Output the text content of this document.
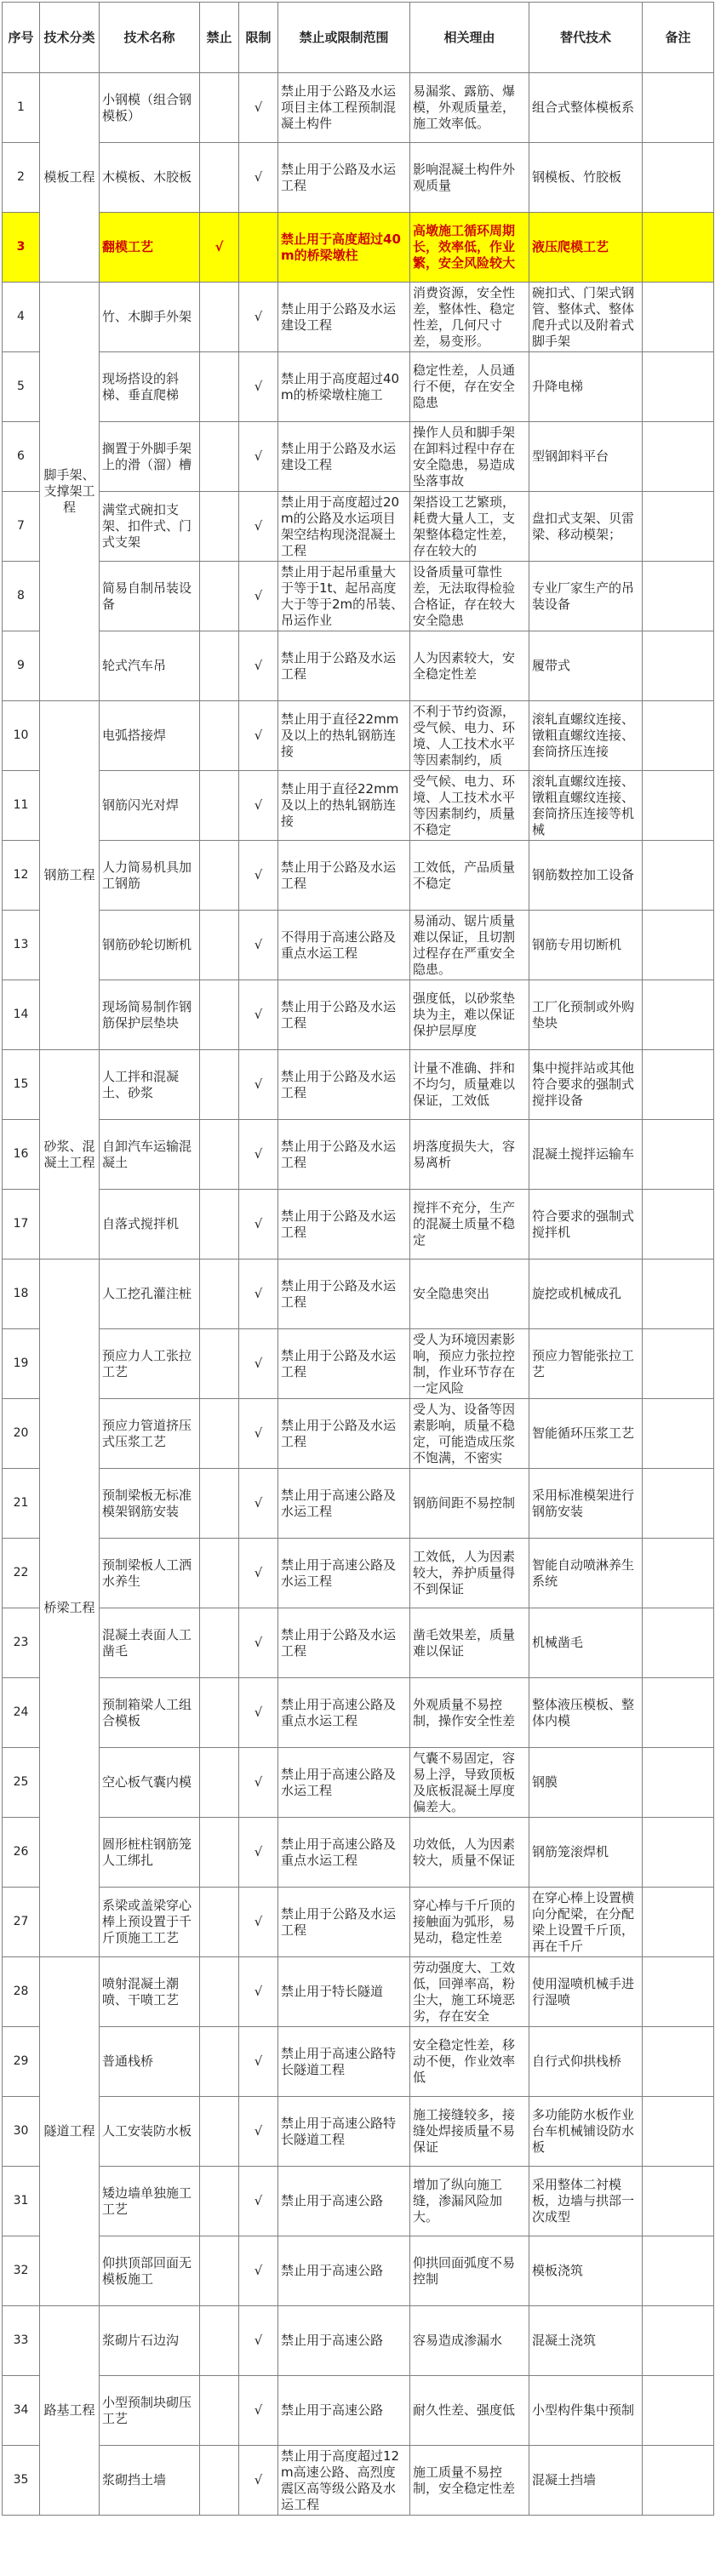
序号	技术分类	技术名称	禁止	限制	禁止或限制范围	相关理由	替代技术	备注
1	模板工程	小钢模（组合钢模板）		√	禁止用于公路及水运项目主体工程预制混凝土构件	易漏浆、露筋、爆模，外观质量差，施工效率低。	组合式整体模板系	
2		木模板、木胶板		√	禁止用于公路及水运工程	影响混凝土构件外观质量	钢模板、竹胶板	
3		翻模工艺	√		禁止用于高度超过40m的桥梁墩柱	高墩施工循环周期长，效率低，作业繁，安全风险较大	液压爬模工艺	
4	脚手架、支撑架工程	竹、木脚手外架		√	禁止用于公路及水运建设工程	消费资源，安全性差，整体性、稳定性差，几何尺寸差，易变形。	碗扣式、门架式钢管、整体式、整体爬升式以及附着式脚手架	
5		现场搭设的斜梯、垂直爬梯		√	禁止用于高度超过40m的桥梁墩柱施工	稳定性差，人员通行不便，存在安全隐患	升降电梯	
6		搁置于外脚手架上的滑（溜）槽		√	禁止用于公路及水运建设工程	操作人员和脚手架在卸料过程中存在安全隐患，易造成坠落事故	型钢卸料平台	
7		满堂式碗扣支架、扣件式、门式支架		√	禁止用于高度超过20m的公路及水运项目架空结构现浇混凝土工程	架搭设工艺繁琐，耗费大量人工，支架整体稳定性差，存在较大的	盘扣式支架、贝雷梁、移动模架；	
8		简易自制吊装设备		√	禁止用于起吊重量大于等于1t、起吊高度大于等于2m的吊装、吊运作业	设备质量可靠性差，无法取得检验合格证，存在较大安全隐患	专业厂家生产的吊装设备	
9		轮式汽车吊		√	禁止用于公路及水运工程	人为因素较大，安全稳定性差	履带式	
10	钢筋工程	电弧搭接焊		√	禁止用于直径22mm及以上的热轧钢筋连接	不利于节约资源，受气候、电力、环境、人工技术水平等因素制约，质	滚轧直螺纹连接、镦粗直螺纹连接、套筒挤压连接	
11		钢筋闪光对焊		√	禁止用于直径22mm及以上的热轧钢筋连接	受气候、电力、环境、人工技术水平等因素制约，质量不稳定	滚轧直螺纹连接、镦粗直螺纹连接、套筒挤压连接等机械	
12		人力简易机具加工钢筋		√	禁止用于公路及水运工程	工效低，产品质量不稳定	钢筋数控加工设备	
13		钢筋砂轮切断机		√	不得用于高速公路及重点水运工程	易涌动、锯片质量难以保证，且切割过程存在严重安全隐患。	钢筋专用切断机	
14		现场简易制作钢筋保护层垫块		√	禁止用于公路及水运工程	强度低，以砂浆垫块为主，难以保证保护层厚度	工厂化预制或外购垫块	
15	砂浆、混凝土工程	人工拌和混凝土、砂浆		√	禁止用于公路及水运工程	计量不准确、拌和不均匀，质量难以保证，工效低	集中搅拌站或其他符合要求的强制式搅拌设备	
16		自卸汽车运输混凝土		√	禁止用于公路及水运工程	坍落度损失大，容易离析	混凝土搅拌运输车	
17		自落式搅拌机		√	禁止用于公路及水运工程	搅拌不充分，生产的混凝土质量不稳定	符合要求的强制式搅拌机	
18	桥梁工程	人工挖孔灌注桩		√	禁止用于公路及水运工程	安全隐患突出	旋挖或机械成孔	
19		预应力人工张拉工艺		√	禁止用于公路及水运工程	受人为环境因素影响，预应力张拉控制，作业环节存在一定风险	预应力智能张拉工艺	
20		预应力管道挤压式压浆工艺		√	禁止用于公路及水运工程	受人为、设备等因素影响，质量不稳定，可能造成压浆不饱满，不密实	智能循环压浆工艺	
21		预制梁板无标准模架钢筋安装		√	禁止用于高速公路及水运工程	钢筋间距不易控制	采用标准模架进行钢筋安装	
22		预制梁板人工洒水养生		√	禁止用于高速公路及水运工程	工效低，人为因素较大，养护质量得不到保证	智能自动喷淋养生系统	
23		混凝土表面人工凿毛		√	禁止用于公路及水运工程	凿毛效果差，质量难以保证	机械凿毛	
24		预制箱梁人工组合模板		√	禁止用于高速公路及重点水运工程	外观质量不易控制，操作安全性差	整体液压模板、整体内模	
25		空心板气囊内模		√	禁止用于高速公路及水运工程	气囊不易固定，容易上浮，导致顶板及底板混凝土厚度偏差大。	钢膜	
26		圆形桩柱钢筋笼人工绑扎		√	禁止用于高速公路及重点水运工程	功效低，人为因素较大，质量不保证	钢筋笼滚焊机	
27		系梁或盖梁穿心棒上预设置于千斤顶施工工艺		√	禁止用于公路及水运工程	穿心棒与千斤顶的接触面为弧形，易晃动，稳定性差	在穿心棒上设置横向分配梁，在分配梁上设置千斤顶，再在千斤	
28	隧道工程	喷射混凝土潮喷、干喷工艺		√	禁止用于特长隧道	劳动强度大、工效低，回弹率高，粉尘大，施工环境恶劣，存在安全	使用湿喷机械手进行湿喷	
29		普通栈桥		√	禁止用于高速公路特长隧道工程	安全稳定性差，移动不便，作业效率低	自行式仰拱栈桥	
30		人工安装防水板		√	禁止用于高速公路特长隧道工程	施工接缝较多，接缝处焊接质量不易保证	多功能防水板作业台车机械铺设防水板	
31		矮边墙单独施工工艺		√	禁止用于高速公路	增加了纵向施工缝，渗漏风险加大。	采用整体二衬模板，边墙与拱部一次成型	
32		仰拱顶部回面无模板施工		√	禁止用于高速公路	仰拱回面弧度不易控制	模板浇筑	
33	路基工程	浆砌片石边沟		√	禁止用于高速公路	容易造成渗漏水	混凝土浇筑	
34		小型预制块砌压工艺		√	禁止用于高速公路	耐久性差、强度低	小型构件集中预制	
35		浆砌挡土墙		√	禁止用于高度超过12m高速公路、高烈度震区高等级公路及水运工程	施工质量不易控制，安全稳定性差	混凝土挡墙	
